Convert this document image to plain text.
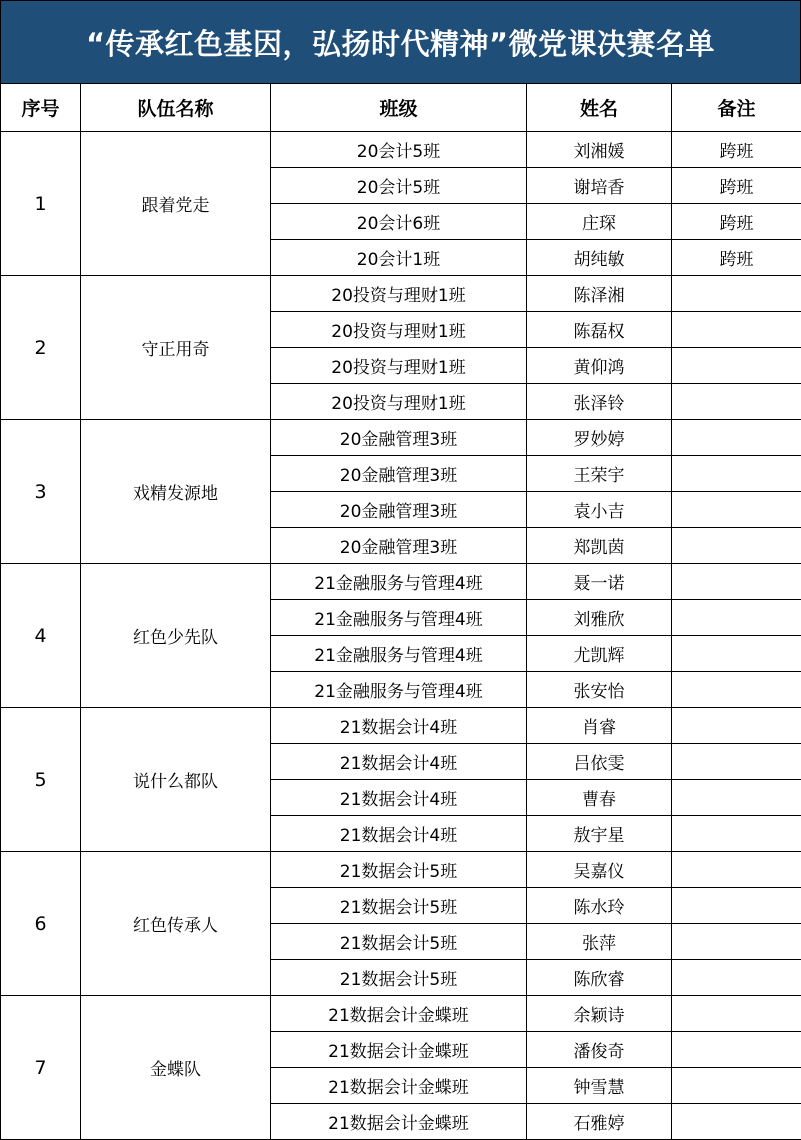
“传承红色基因，弘扬时代精神”微党课决赛名单
序号	队伍名称	班级	姓名	备注
1	跟着党走	20会计5班	刘湘媛	跨班
		20会计5班	谢培香	跨班
		20会计6班	庄琛	跨班
		20会计1班	胡纯敏	跨班
2	守正用奇	20投资与理财1班	陈泽湘	
		20投资与理财1班	陈磊权	
		20投资与理财1班	黄仰鸿	
		20投资与理财1班	张泽铃	
3	戏精发源地	20金融管理3班	罗妙婷	
		20金融管理3班	王荣宇	
		20金融管理3班	袁小吉	
		20金融管理3班	郑凯茵	
4	红色少先队	21金融服务与管理4班	聂一诺	
		21金融服务与管理4班	刘雅欣	
		21金融服务与管理4班	尤凯辉	
		21金融服务与管理4班	张安怡	
5	说什么都队	21数据会计4班	肖睿	
		21数据会计4班	吕依雯	
		21数据会计4班	曹春	
		21数据会计4班	敖宇星	
6	红色传承人	21数据会计5班	吴嘉仪	
		21数据会计5班	陈水玲	
		21数据会计5班	张萍	
		21数据会计5班	陈欣睿	
7	金蝶队	21数据会计金蝶班	余颖诗	
		21数据会计金蝶班	潘俊奇	
		21数据会计金蝶班	钟雪慧	
		21数据会计金蝶班	石雅婷	
